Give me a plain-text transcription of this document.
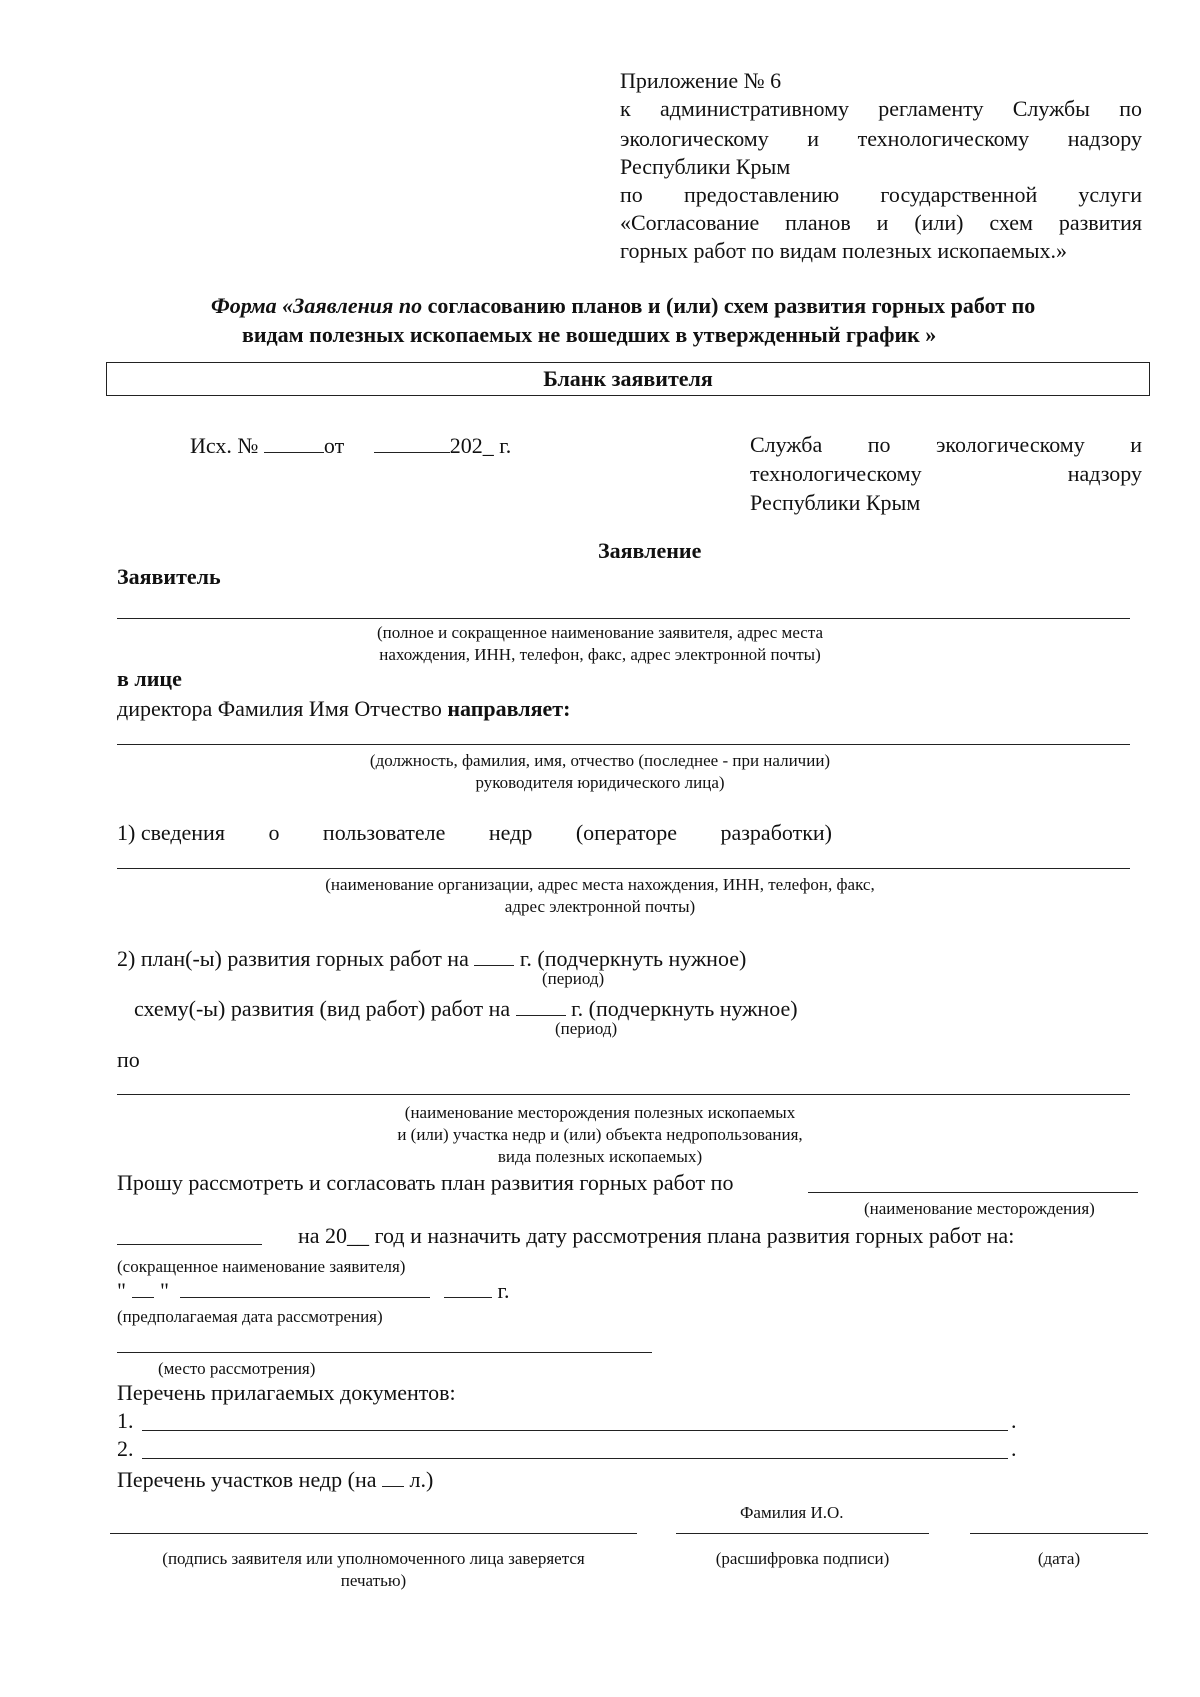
Приложение № 6
к административному регламенту Службы по
экологическому и технологическому надзору
Республики Крым
по предоставлению государственной услуги
«Согласование планов и (или) схем развития
горных работ по видам полезных ископаемых.»
Форма «Заявления по согласованию планов и (или) схем развития горных работ по
видам полезных ископаемых не вошедших в утвержденный график »
Бланк заявителя
Исх. №	от	202_ г.	Служба по экологическому и
технологическому	надзору
Республики Крым
Заявление
Заявитель
(полное и сокращенное наименование заявителя, адрес места
нахождения, ИНН, телефон, факс, адрес электронной почты)
в лице
директора Фамилия Имя Отчество направляет:
(должность, фамилия, имя, отчество (последнее - при наличии)
руководителя юридического лица)
1) сведения о пользователе недр (операторе разработки)
(наименование организации, адрес места нахождения, ИНН, телефон, факс,
адрес электронной почты)
2) план(-ы) развития горных работ на г. (подчеркнуть нужное)
(период)
схему(-ы) развития (вид работ) работ на	г. (подчеркнуть нужное)
(период)
по
(наименование месторождения полезных ископаемых
и (или) участка недр и (или) объекта недропользования,
вида полезных ископаемых)
Прошу рассмотреть и согласовать план развития горных работ по
(наименование месторождения)
на 20__ год и назначить дату рассмотрения плана развития горных работ на:
(сокращенное наименование заявителя)
" "	г.
(предполагаемая дата рассмотрения)
(место рассмотрения)
Перечень прилагаемых документов:
1.	.
2.	.
Перечень участков недр (на л.)
Фамилия И.О.
(подпись заявителя или уполномоченного лица заверяется
печатью)
(расшифровка подписи)	(дата)
